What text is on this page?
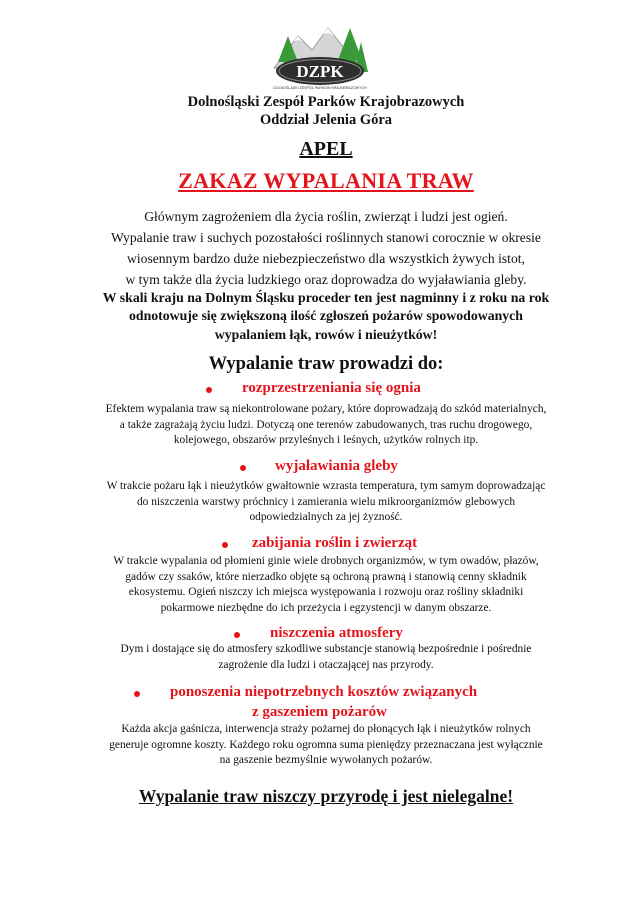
DZPK
DOLNOŚLĄSKI ZESPÓŁ PARKÓW KRAJOBRAZOWYCH
Dolnośląski Zespół Parków Krajobrazowych
Oddział Jelenia Góra
APEL
ZAKAZ WYPALANIA TRAW
Głównym zagrożeniem dla życia roślin, zwierząt i ludzi jest ogień.
Wypalanie traw i suchych pozostałości roślinnych stanowi corocznie w okresie
wiosennym bardzo duże niebezpieczeństwo dla wszystkich żywych istot,
w tym także dla życia ludzkiego oraz doprowadza do wyjaławiania gleby.
W skali kraju na Dolnym Śląsku proceder ten jest nagminny i z roku na rok
odnotowuje się zwiększoną ilość zgłoszeń pożarów spowodowanych
wypalaniem łąk, rowów i nieużytków!
Wypalanie traw prowadzi do:
rozprzestrzeniania się ognia
Efektem wypalania traw są niekontrolowane pożary, które doprowadzają do szkód materialnych,
a także zagrażają życiu ludzi. Dotyczą one terenów zabudowanych, tras ruchu drogowego,
kolejowego, obszarów przyleśnych i leśnych, użytków rolnych itp.
wyjaławiania gleby
W trakcie pożaru łąk i nieużytków gwałtownie wzrasta temperatura, tym samym doprowadzając
do niszczenia warstwy próchnicy i zamierania wielu mikroorganizmów glebowych
odpowiedzialnych za jej żyzność.
zabijania roślin i zwierząt
W trakcie wypalania od płomieni ginie wiele drobnych organizmów, w tym owadów, płazów,
gadów czy ssaków, które nierzadko objęte są ochroną prawną i stanowią cenny składnik
ekosystemu. Ogień niszczy ich miejsca występowania i rozwoju oraz rośliny składniki
pokarmowe niezbędne do ich przeżycia i egzystencji w danym obszarze.
niszczenia atmosfery
Dym i dostające się do atmosfery szkodliwe substancje stanowią bezpośrednie i pośrednie
zagrożenie dla ludzi i otaczającej nas przyrody.
ponoszenia niepotrzebnych kosztów związanych
z gaszeniem pożarów
Każda akcja gaśnicza, interwencja straży pożarnej do płonących łąk i nieużytków rolnych
generuje ogromne koszty. Każdego roku ogromna suma pieniędzy przeznaczana jest wyłącznie
na gaszenie bezmyślnie wywołanych pożarów.
Wypalanie traw niszczy przyrodę i jest nielegalne!
